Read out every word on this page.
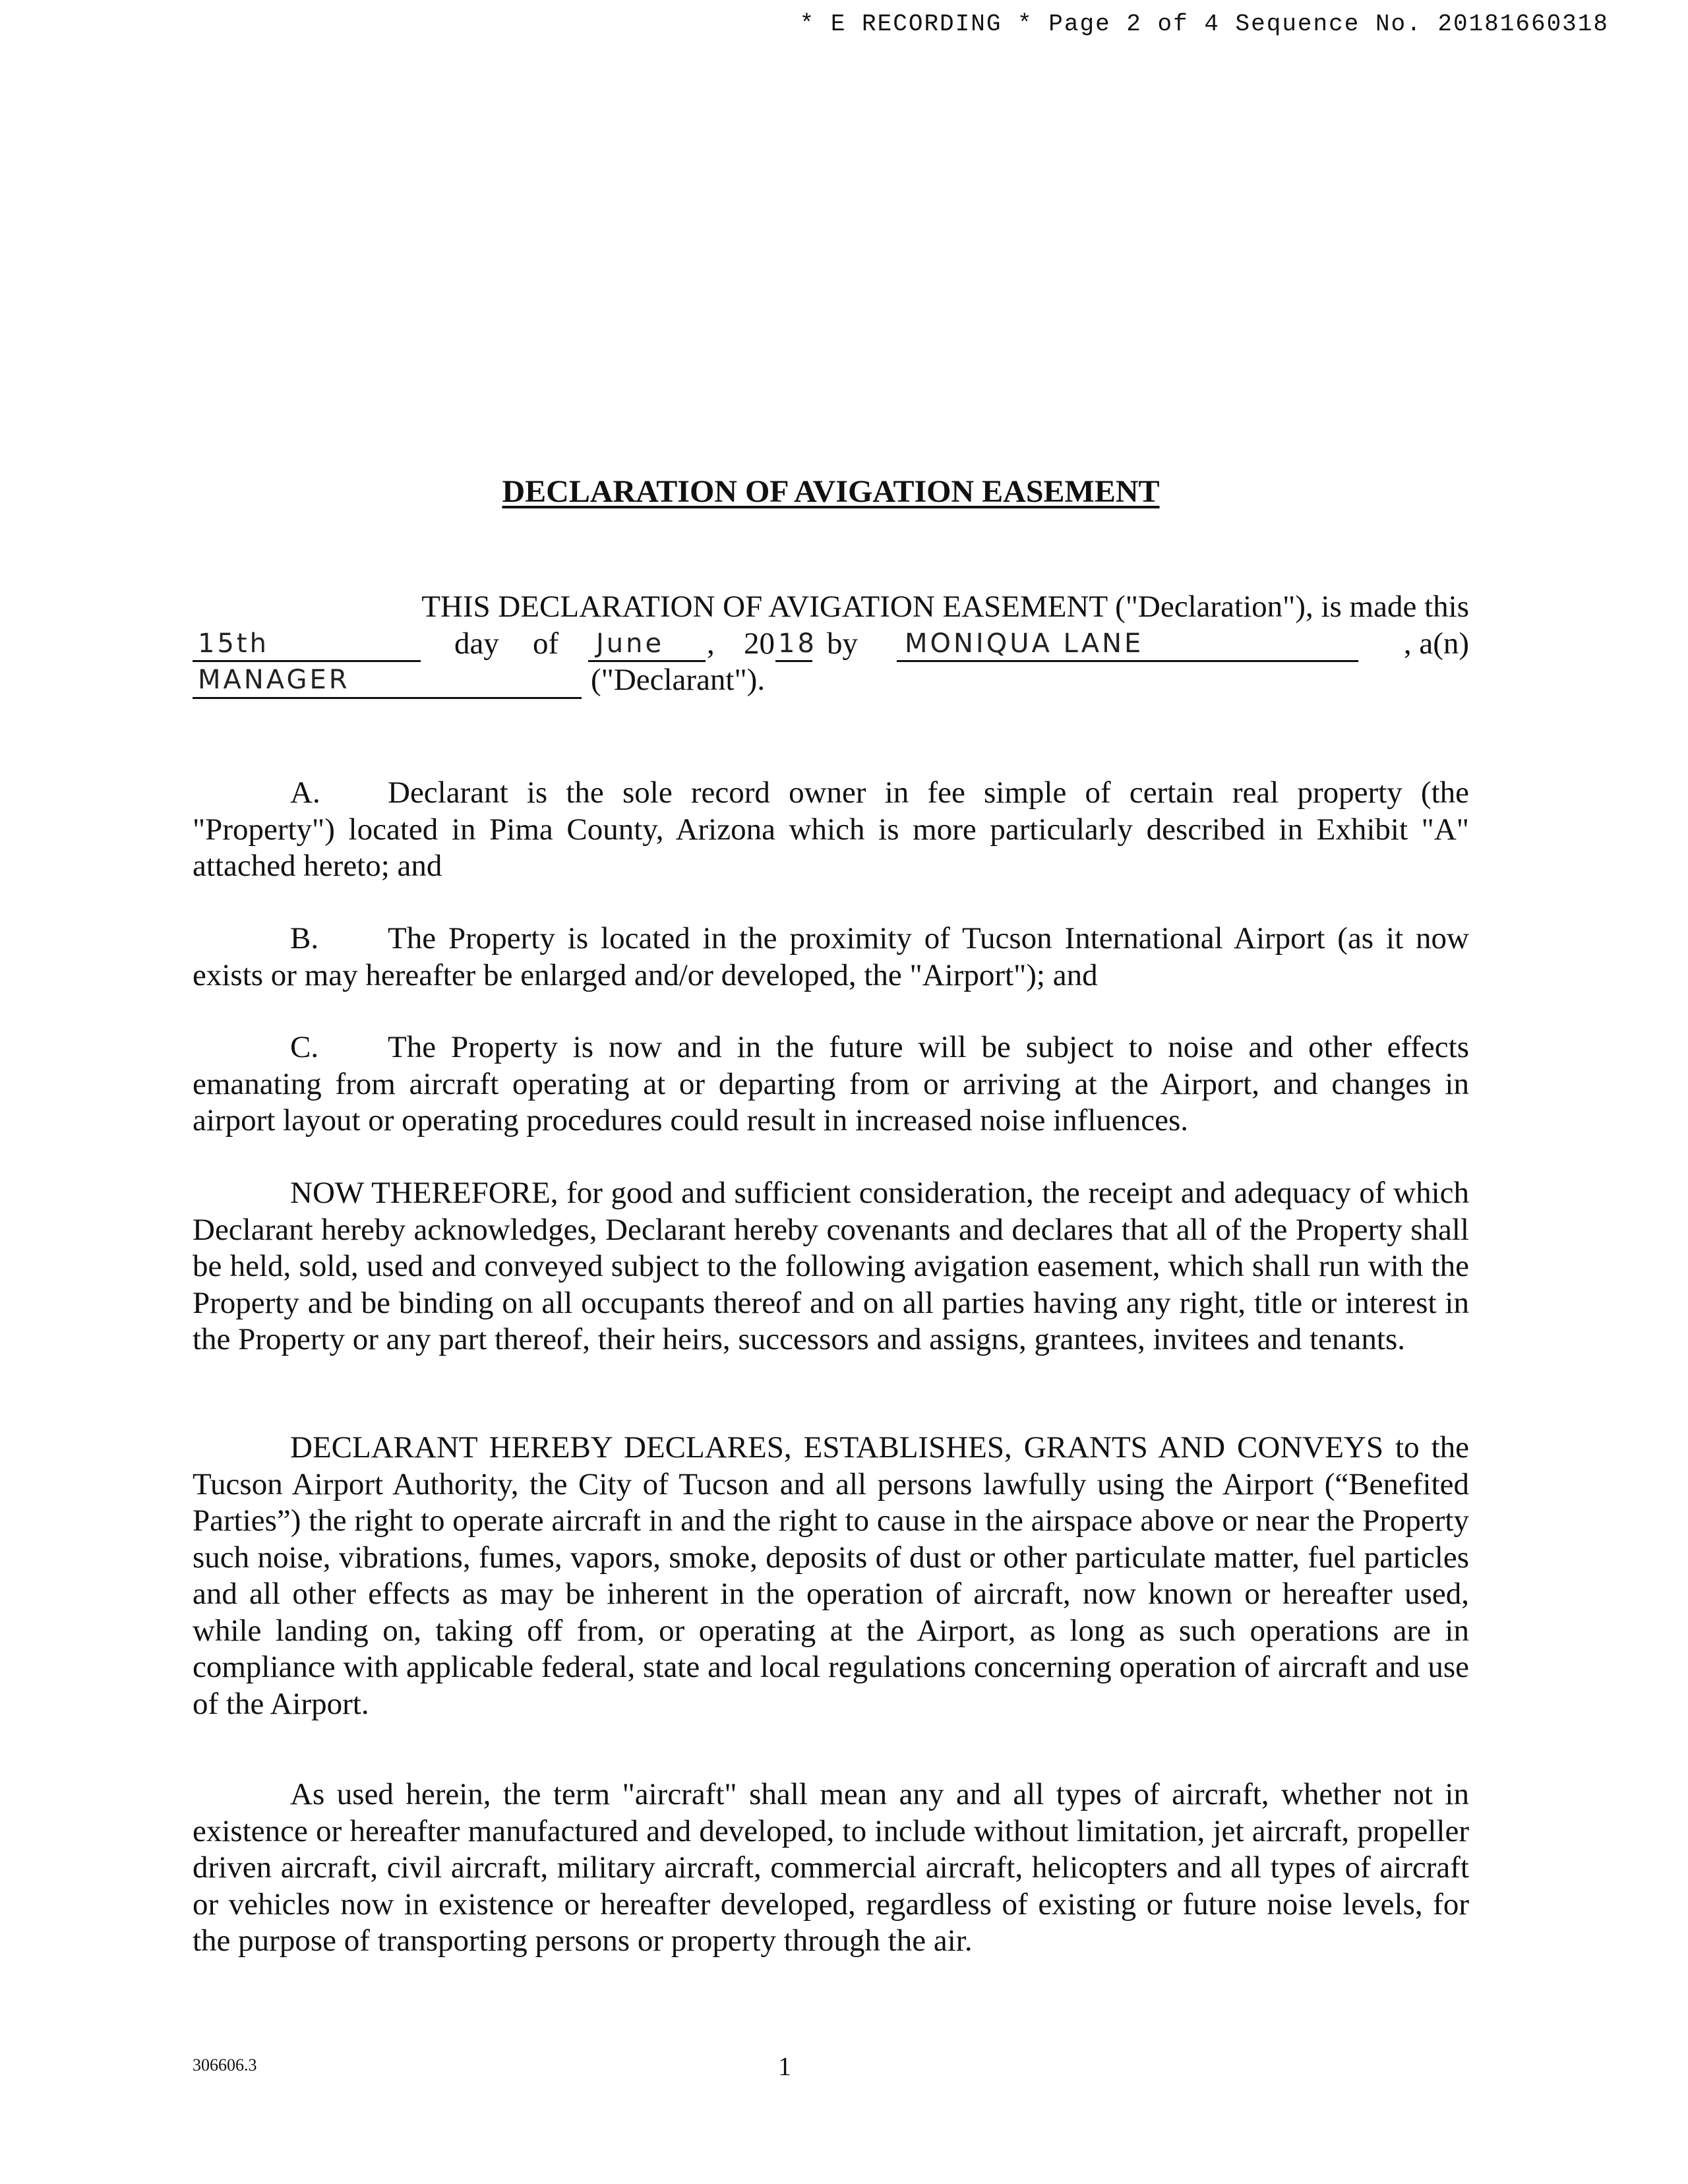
* E RECORDING * Page 2 of 4 Sequence No. 20181660318
DECLARATION OF AVIGATION EASEMENT
THIS DECLARATION OF AVIGATION EASEMENT ("Declaration"), is made this
15th	day of June , 20 18 by MONIQUA LANE	, a(n)
MANAGER	("Declarant").

A. Declarant is the sole record owner in fee simple of certain real property (the "Property") located in Pima County, Arizona which is more particularly described in Exhibit "A" attached hereto; and

B. The Property is located in the proximity of Tucson International Airport (as it now exists or may hereafter be enlarged and/or developed, the "Airport"); and

C. The Property is now and in the future will be subject to noise and other effects emanating from aircraft operating at or departing from or arriving at the Airport, and changes in airport layout or operating procedures could result in increased noise influences.

NOW THEREFORE, for good and sufficient consideration, the receipt and adequacy of which Declarant hereby acknowledges, Declarant hereby covenants and declares that all of the Property shall be held, sold, used and conveyed subject to the following avigation easement, which shall run with the Property and be binding on all occupants thereof and on all parties having any right, title or interest in the Property or any part thereof, their heirs, successors and assigns, grantees, invitees and tenants.

DECLARANT HEREBY DECLARES, ESTABLISHES, GRANTS AND CONVEYS to the Tucson Airport Authority, the City of Tucson and all persons lawfully using the Airport (“Benefited Parties”) the right to operate aircraft in and the right to cause in the airspace above or near the Property such noise, vibrations, fumes, vapors, smoke, deposits of dust or other particulate matter, fuel particles and all other effects as may be inherent in the operation of aircraft, now known or hereafter used, while landing on, taking off from, or operating at the Airport, as long as such operations are in compliance with applicable federal, state and local regulations concerning operation of aircraft and use of the Airport.

As used herein, the term "aircraft" shall mean any and all types of aircraft, whether not in existence or hereafter manufactured and developed, to include without limitation, jet aircraft, propeller driven aircraft, civil aircraft, military aircraft, commercial aircraft, helicopters and all types of aircraft or vehicles now in existence or hereafter developed, regardless of existing or future noise levels, for the purpose of transporting persons or property through the air.

306606.3	1
